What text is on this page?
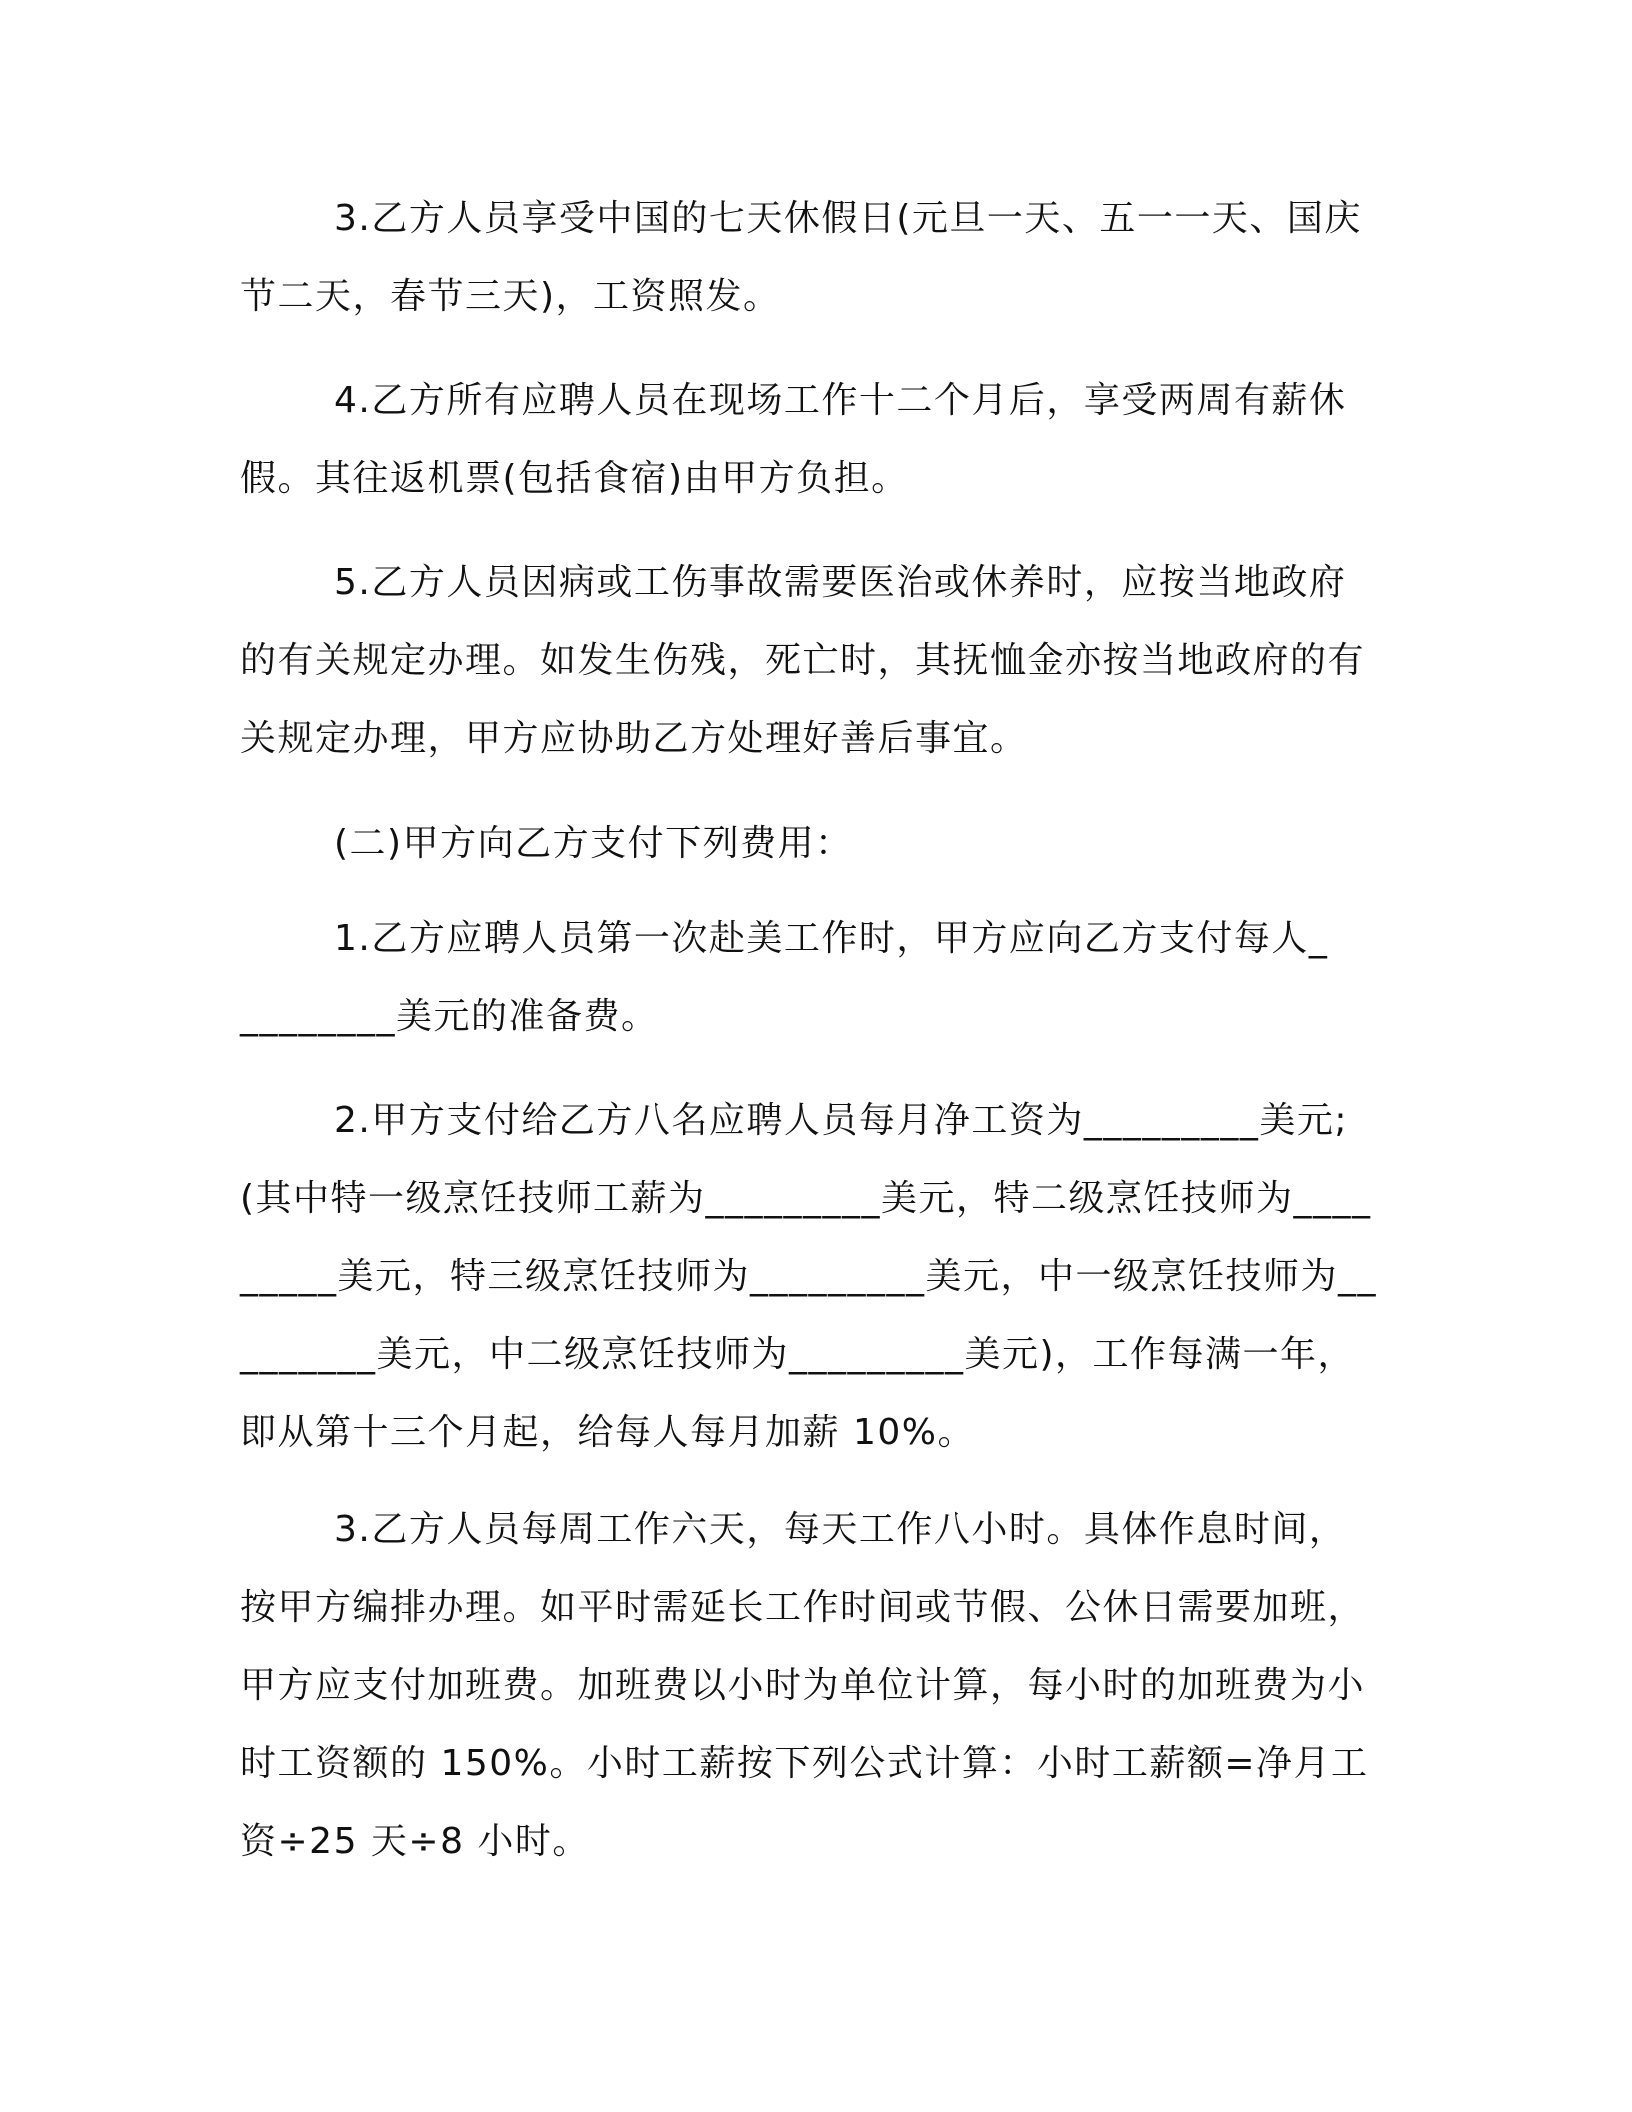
3.乙方人员享受中国的七天休假日(元旦一天、五一一天、国庆节二天，春节三天)，工资照发。

4.乙方所有应聘人员在现场工作十二个月后，享受两周有薪休假。其往返机票(包括食宿)由甲方负担。

5.乙方人员因病或工伤事故需要医治或休养时，应按当地政府的有关规定办理。如发生伤残，死亡时，其抚恤金亦按当地政府的有关规定办理，甲方应协助乙方处理好善后事宜。

(二)甲方向乙方支付下列费用：

1.乙方应聘人员第一次赴美工作时，甲方应向乙方支付每人_________美元的准备费。

2.甲方支付给乙方八名应聘人员每月净工资为_________美元;(其中特一级烹饪技师工薪为_________美元，特二级烹饪技师为_________美元，特三级烹饪技师为_________美元，中一级烹饪技师为_________美元，中二级烹饪技师为_________美元)，工作每满一年，即从第十三个月起，给每人每月加薪 10%。

3.乙方人员每周工作六天，每天工作八小时。具体作息时间，按甲方编排办理。如平时需延长工作时间或节假、公休日需要加班，甲方应支付加班费。加班费以小时为单位计算，每小时的加班费为小时工资额的 150%。小时工薪按下列公式计算：小时工薪额=净月工资÷25 天÷8 小时。
